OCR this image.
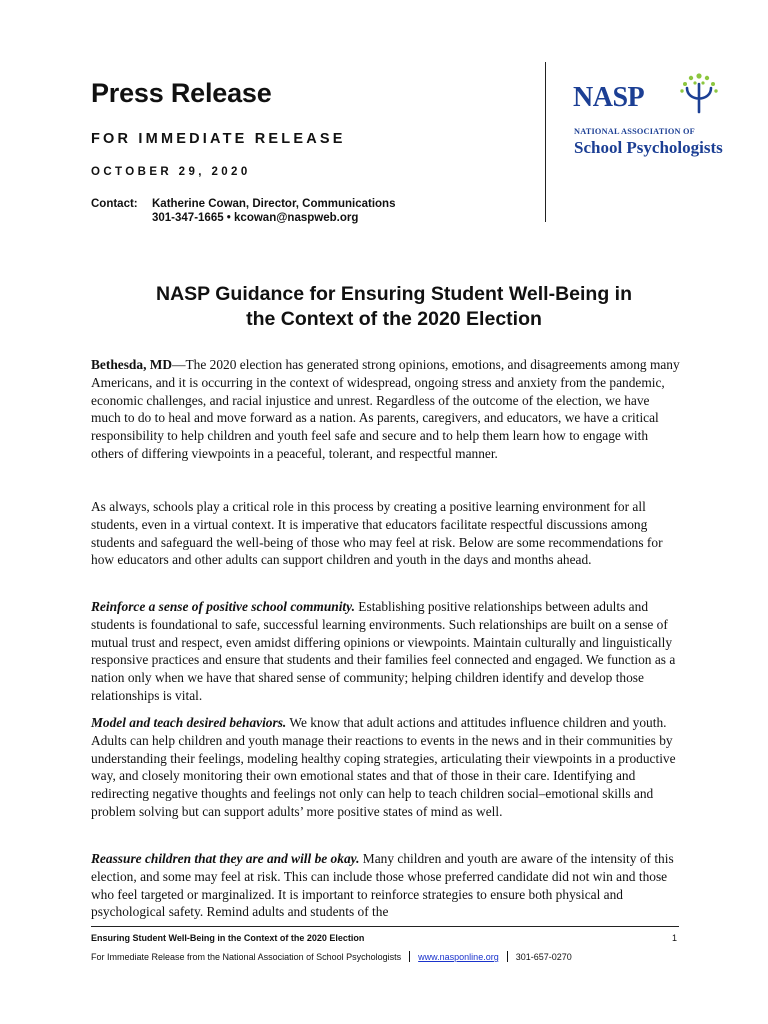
Press Release
FOR IMMEDIATE RELEASE
OCTOBER 29, 2020
Contact: Katherine Cowan, Director, Communications
301-347-1665 • kcowan@naspweb.org
NASP
NATIONAL ASSOCIATION OF
School Psychologists
NASP Guidance for Ensuring Student Well-Being in
the Context of the 2020 Election

Bethesda, MD—The 2020 election has generated strong opinions, emotions, and disagreements among many Americans, and it is occurring in the context of widespread, ongoing stress and anxiety from the pandemic, economic challenges, and racial injustice and unrest. Regardless of the outcome of the election, we have much to do to heal and move forward as a nation. As parents, caregivers, and educators, we have a critical responsibility to help children and youth feel safe and secure and to help them learn how to engage with others of differing viewpoints in a peaceful, tolerant, and respectful manner.

As always, schools play a critical role in this process by creating a positive learning environment for all students, even in a virtual context. It is imperative that educators facilitate respectful discussions among students and safeguard the well-being of those who may feel at risk. Below are some recommendations for how educators and other adults can support children and youth in the days and months ahead.

Reinforce a sense of positive school community. Establishing positive relationships between adults and students is foundational to safe, successful learning environments. Such relationships are built on a sense of mutual trust and respect, even amidst differing opinions or viewpoints. Maintain culturally and linguistically responsive practices and ensure that students and their families feel connected and engaged. We function as a nation only when we have that shared sense of community; helping children identify and develop those relationships is vital.

Model and teach desired behaviors. We know that adult actions and attitudes influence children and youth. Adults can help children and youth manage their reactions to events in the news and in their communities by understanding their feelings, modeling healthy coping strategies, articulating their viewpoints in a productive way, and closely monitoring their own emotional states and that of those in their care. Identifying and redirecting negative thoughts and feelings not only can help to teach children social–emotional skills and problem solving but can support adults’ more positive states of mind as well.

Reassure children that they are and will be okay. Many children and youth are aware of the intensity of this election, and some may feel at risk. This can include those whose preferred candidate did not win and those who feel targeted or marginalized. It is important to reinforce strategies to ensure both physical and psychological safety. Remind adults and students of the

Ensuring Student Well-Being in the Context of the 2020 Election	1
For Immediate Release from the National Association of School Psychologists www.nasponline.org 301-657-0270
